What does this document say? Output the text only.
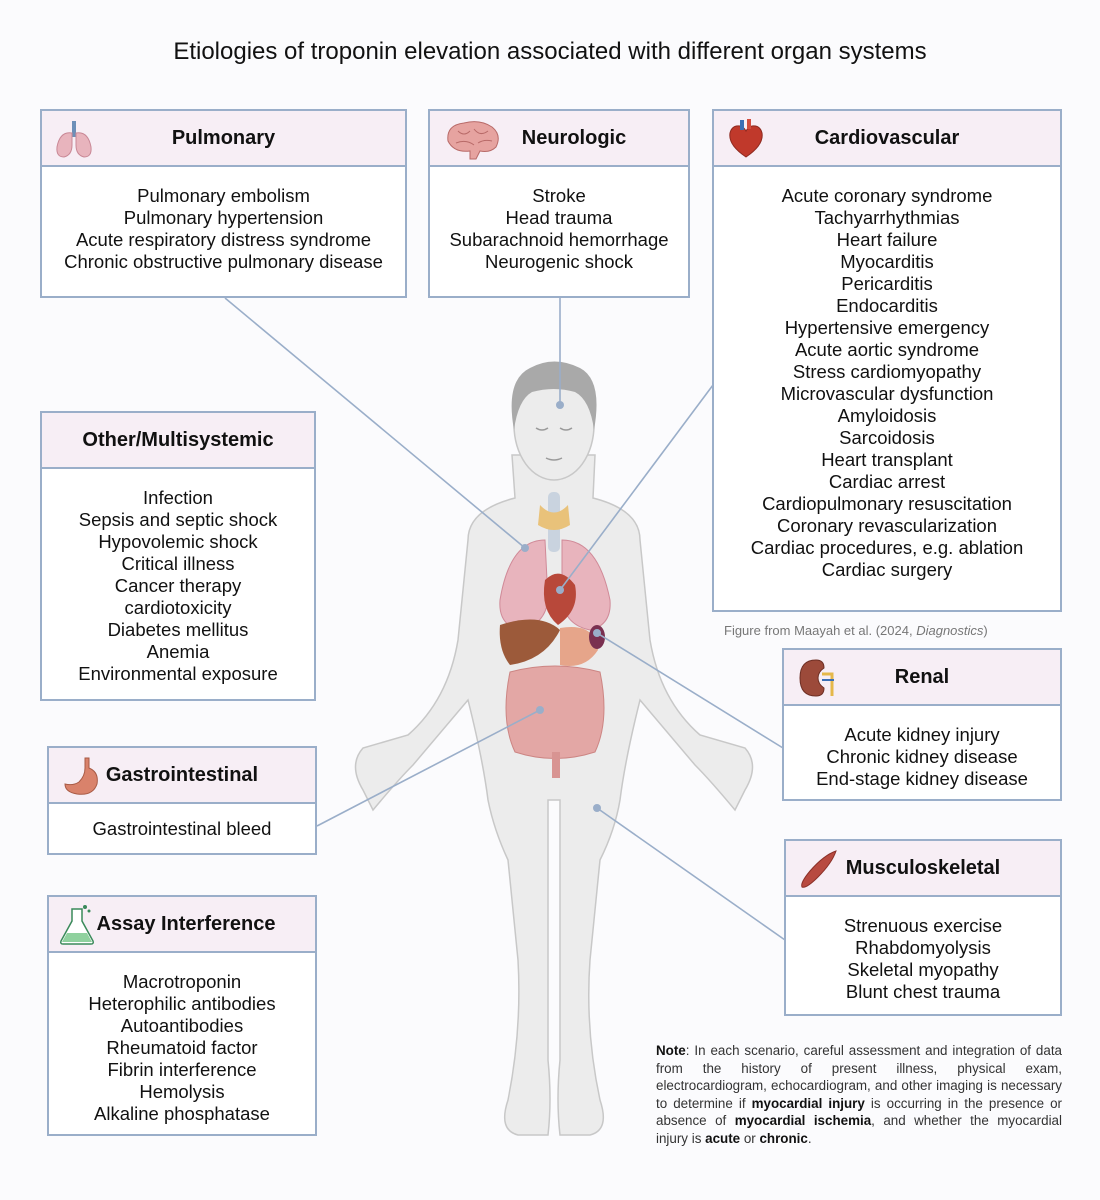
Etiologies of troponin elevation associated with different organ systems
Pulmonary
Pulmonary embolism
Pulmonary hypertension
Acute respiratory distress syndrome
Chronic obstructive pulmonary disease
Neurologic
Stroke
Head trauma
Subarachnoid hemorrhage
Neurogenic shock
Cardiovascular
Acute coronary syndrome
Tachyarrhythmias
Heart failure
Myocarditis
Pericarditis
Endocarditis
Hypertensive emergency
Acute aortic syndrome
Stress cardiomyopathy
Microvascular dysfunction
Amyloidosis
Sarcoidosis
Heart transplant
Cardiac arrest
Cardiopulmonary resuscitation
Coronary revascularization
Cardiac procedures, e.g. ablation
Cardiac surgery
Other/Multisystemic
Infection
Sepsis and septic shock
Hypovolemic shock
Critical illness
Cancer therapy
cardiotoxicity
Diabetes mellitus
Anemia
Environmental exposure
Figure from Maayah et al. (2024, Diagnostics)
Renal
Acute kidney injury
Chronic kidney disease
End-stage kidney disease
Gastrointestinal
Gastrointestinal bleed
Musculoskeletal
Strenuous exercise
Rhabdomyolysis
Skeletal myopathy
Blunt chest trauma
Assay Interference
Macrotroponin
Heterophilic antibodies
Autoantibodies
Rheumatoid factor
Fibrin interference
Hemolysis
Alkaline phosphatase
Note: In each scenario, careful assessment and integration of data from the history of present illness, physical exam, electrocardiogram, echocardiogram, and other imaging is necessary to determine if myocardial injury is occurring in the presence or absence of myocardial ischemia, and whether the myocardial injury is acute or chronic.
